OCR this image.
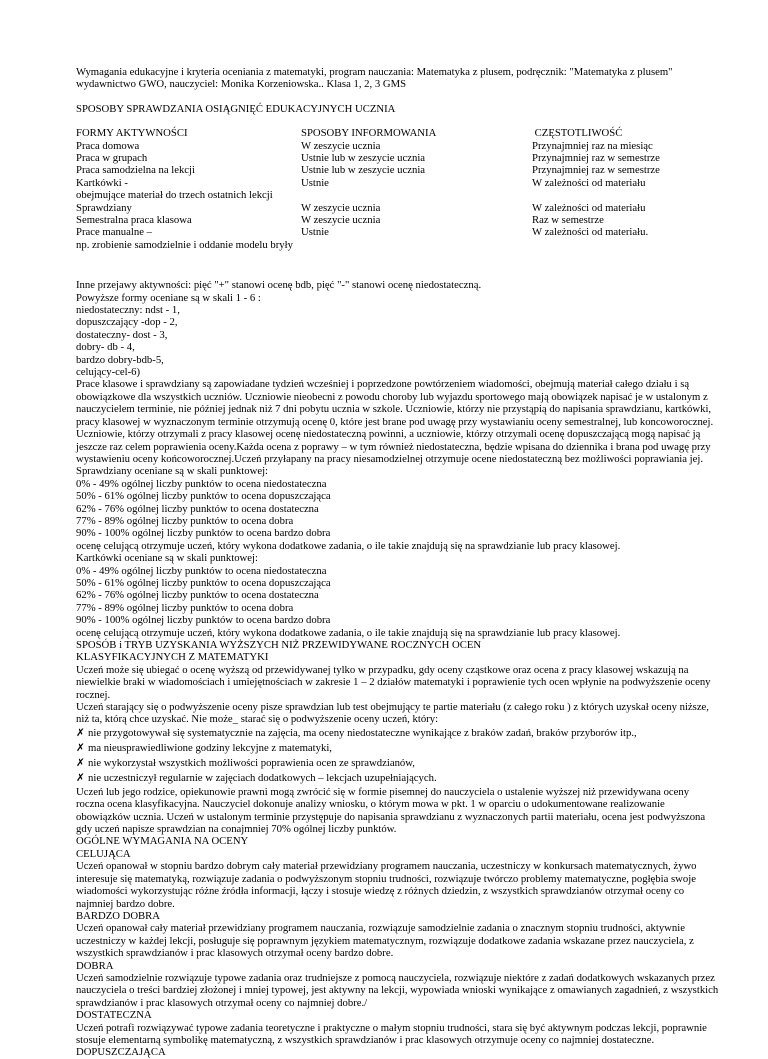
Wymagania edukacyjne i kryteria oceniania z matematyki, program nauczania: Matematyka z plusem, podręcznik: "Matematyka z plusem"
wydawnictwo GWO, nauczyciel: Monika Korzeniowska.. Klasa 1, 2, 3 GMS
SPOSOBY SPRAWDZANIA OSIĄGNIĘĆ EDUKACYJNYCH UCZNIA
FORMY AKTYWNOŚCI
Praca domowa
Praca w grupach
Praca samodzielna na lekcji
Kartkówki -
obejmujące materiał do trzech ostatnich lekcji
Sprawdziany
Semestralna praca klasowa
Prace manualne –
np. zrobienie samodzielnie i oddanie modelu bryły
SPOSOBY INFORMOWANIA
W zeszycie ucznia
Ustnie lub w zeszycie ucznia
Ustnie lub w zeszycie ucznia
Ustnie
W zeszycie ucznia
W zeszycie ucznia
Ustnie
CZĘSTOTLIWOŚĆ
Przynajmniej raz na miesiąc
Przynajmniej raz w semestrze
Przynajmniej raz w semestrze
W zależności od materiału
W zależności od materiału
Raz w semestrze
W zależności od materiału.
Inne przejawy aktywności: pięć "+" stanowi ocenę bdb, pięć "-" stanowi ocenę niedostateczną.
Powyższe formy oceniane są w skali 1 - 6 :
niedostateczny: ndst - 1,
dopuszczający -dop - 2,
dostateczny- dost - 3,
dobry- db - 4,
bardzo dobry-bdb-5,
celujący-cel-6)
Prace klasowe i sprawdziany są zapowiadane tydzień wcześniej i poprzedzone powtórzeniem wiadomości, obejmują materiał całego działu i są
obowiązkowe dla wszystkich uczniów. Uczniowie nieobecni z powodu choroby lub wyjazdu sportowego mają obowiązek napisać je w ustalonym z
nauczycielem terminie, nie później jednak niż 7 dni pobytu ucznia w szkole. Uczniowie, którzy nie przystąpią do napisania sprawdzianu, kartkówki,
pracy klasowej w wyznaczonym terminie otrzymują ocenę 0, które jest brane pod uwagę przy wystawianiu oceny semestralnej, lub koncoworocznej.
Uczniowie, którzy otrzymali z pracy klasowej ocenę niedostateczną powinni, a uczniowie, którzy otrzymali ocenę dopuszczającą mogą napisać ją
jeszcze raz celem poprawienia oceny.Każda ocena z poprawy – w tym również niedostateczna, będzie wpisana do dziennika i brana pod uwagę przy
wystawieniu oceny końcoworocznej.Uczeń przyłapany na pracy niesamodzielnej otrzymuje ocene niedostateczną bez możliwości poprawiania jej.
Sprawdziany oceniane są w skali punktowej:
0% - 49% ogólnej liczby punktów to ocena niedostateczna
50% - 61% ogólnej liczby punktów to ocena dopuszczająca
62% - 76% ogólnej liczby punktów to ocena dostateczna
77% - 89% ogólnej liczby punktów to ocena dobra
90% - 100% ogólnej liczby punktów to ocena bardzo dobra
ocenę celującą otrzymuje uczeń, który wykona dodatkowe zadania, o ile takie znajdują się na sprawdzianie lub pracy klasowej.
Kartkówki oceniane są w skali punktowej:
0% - 49% ogólnej liczby punktów to ocena niedostateczna
50% - 61% ogólnej liczby punktów to ocena dopuszczająca
62% - 76% ogólnej liczby punktów to ocena dostateczna
77% - 89% ogólnej liczby punktów to ocena dobra
90% - 100% ogólnej liczby punktów to ocena bardzo dobra
ocenę celującą otrzymuje uczeń, który wykona dodatkowe zadania, o ile takie znajdują się na sprawdzianie lub pracy klasowej.
SPOSÓB i TRYB UZYSKANIA WYŻSZYCH NIŻ PRZEWIDYWANE ROCZNYCH OCEN
KLASYFIKACYJNYCH Z MATEMATYKI
Uczeń może się ubiegać o ocenę wyższą od przewidywanej tylko w przypadku, gdy oceny cząstkowe oraz ocena z pracy klasowej wskazują na
niewielkie braki w wiadomościach i umiejętnościach w zakresie 1 – 2 działów matematyki i poprawienie tych ocen wpłynie na podwyższenie oceny
rocznej.
Uczeń starający się o podwyższenie oceny pisze sprawdzian lub test obejmujący te partie materiału (z całego roku ) z których uzyskał oceny niższe,
niż ta, którą chce uzyskać. Nie może_ starać się o podwyższenie oceny uczeń, który:
✗ nie przygotowywał się systematycznie na zajęcia, ma oceny niedostateczne wynikające z braków zadań, braków przyborów itp.,
✗ ma nieusprawiedliwione godziny lekcyjne z matematyki,
✗ nie wykorzystał wszystkich możliwości poprawienia ocen ze sprawdzianów,
✗ nie uczestniczył regularnie w zajęciach dodatkowych – lekcjach uzupełniających.
Uczeń lub jego rodzice, opiekunowie prawni mogą zwrócić się w formie pisemnej do nauczyciela o ustalenie wyższej niż przewidywana oceny
roczna ocena klasyfikacyjna. Nauczyciel dokonuje analizy wniosku, o którym mowa w pkt. 1 w oparciu o udokumentowane realizowanie
obowiązków ucznia. Uczeń w ustalonym terminie przystępuje do napisania sprawdzianu z wyznaczonych partii materiału, ocena jest podwyższona
gdy uczeń napisze sprawdzian na conajmniej 70% ogólnej liczby punktów.
OGÓLNE WYMAGANIA NA OCENY
CELUJĄCA
Uczeń opanował w stopniu bardzo dobrym cały materiał przewidziany programem nauczania, uczestniczy w konkursach matematycznych, żywo
interesuje się matematyką, rozwiązuje zadania o podwyższonym stopniu trudności, rozwiązuje twórczo problemy matematyczne, pogłębia swoje
wiadomości wykorzystując różne źródła informacji, łączy i stosuje wiedzę z różnych dziedzin, z wszystkich sprawdzianów otrzymał oceny co
najmniej bardzo dobre.
BARDZO DOBRA
Uczeń opanował cały materiał przewidziany programem nauczania, rozwiązuje samodzielnie zadania o znacznym stopniu trudności, aktywnie
uczestniczy w każdej lekcji, posługuje się poprawnym językiem matematycznym, rozwiązuje dodatkowe zadania wskazane przez nauczyciela, z
wszystkich sprawdzianów i prac klasowych otrzymał oceny bardzo dobre.
DOBRA
Uczeń samodzielnie rozwiązuje typowe zadania oraz trudniejsze z pomocą nauczyciela, rozwiązuje niektóre z zadań dodatkowych wskazanych przez
nauczyciela o treści bardziej złożonej i mniej typowej, jest aktywny na lekcji, wypowiada wnioski wynikające z omawianych zagadnień, z wszystkich
sprawdzianów i prac klasowych otrzymał oceny co najmniej dobre./
DOSTATECZNA
Uczeń potrafi rozwiązywać typowe zadania teoretyczne i praktyczne o małym stopniu trudności, stara się być aktywnym podczas lekcji, poprawnie
stosuje elementarną symbolikę matematyczną, z wszystkich sprawdzianów i prac klasowych otrzymuje oceny co najmniej dostateczne.
DOPUSZCZAJĄCA
